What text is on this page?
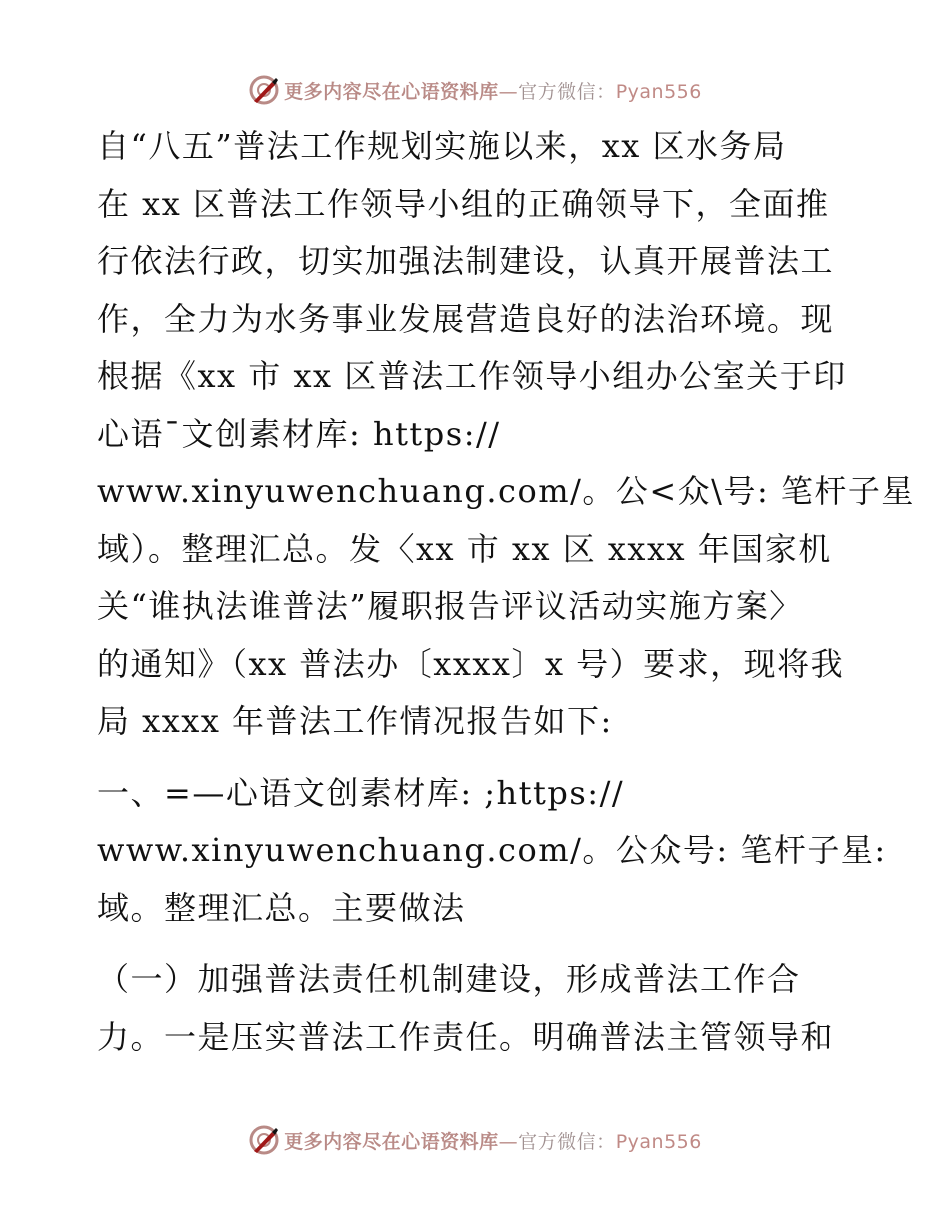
更多内容尽在心语资料库—官方微信：Pyan556
自“八五”普法工作规划实施以来，xx 区水务局
在 xx 区普法工作领导小组的正确领导下，全面推
行依法行政，切实加强法制建设，认真开展普法工
作，全力为水务事业发展营造良好的法治环境。现
根据《xx 市 xx 区普法工作领导小组办公室关于印
心语¯文创素材库: https://
www.xinyuwenchuang.com/。公<众\号: 笔杆子星
域）。整理汇总。发〈xx 市 xx 区 xxxx 年国家机
关“谁执法谁普法”履职报告评议活动实施方案〉
的通知》（xx 普法办〔xxxx〕x 号）要求，现将我
局 xxxx 年普法工作情况报告如下:
一、=—心语文创素材库: ;https://
www.xinyuwenchuang.com/。公众号: 笔杆子星:
域。整理汇总。主要做法
（一）加强普法责任机制建设，形成普法工作合
力。一是压实普法工作责任。明确普法主管领导和
更多内容尽在心语资料库—官方微信：Pyan556
